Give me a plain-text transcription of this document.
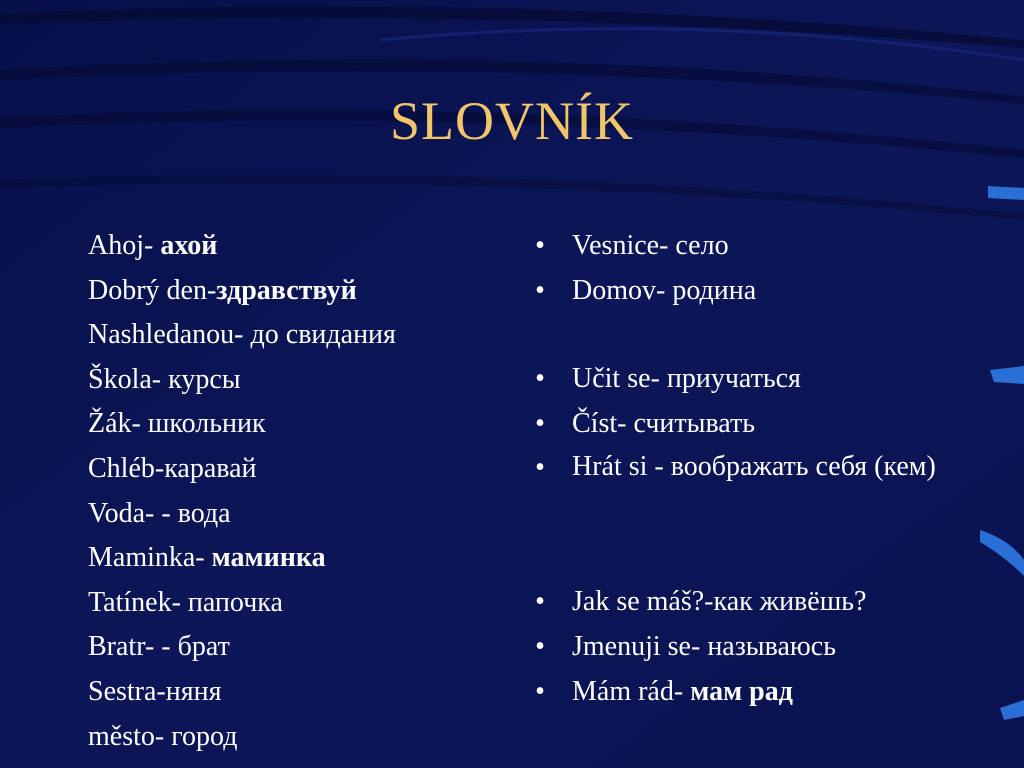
SLOVNÍK
Ahoj- ахой
Dobrý den-здравствуй
Nashledanou- до свидания
Škola- курсы
Žák- школьник
Chléb-каравай
Voda- - вода
Maminka- маминка
Tatínek- папочка
Bratr- - брат
Sestra-няня
město- город
• Vesnice- село
• Domov- родина
• Učit se- приучаться
• Číst- считывать
• Hrát si - воображать себя (кем)
• Jak se máš?-как живёшь?
• Jmenuji se- называюсь
• Mám rád- мам рад
